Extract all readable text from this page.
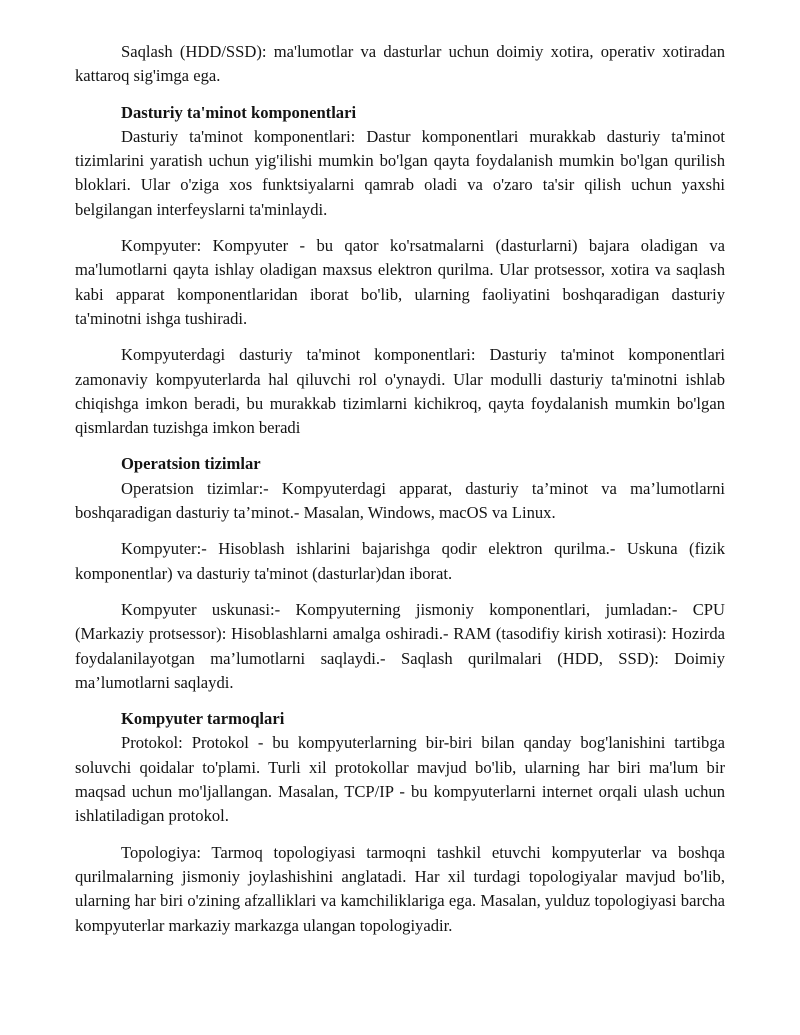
Saqlash (HDD/SSD): ma'lumotlar va dasturlar uchun doimiy xotira, operativ xotiradan kattaroq sig'imga ega.

Dasturiy ta'minot komponentlari

Dasturiy ta'minot komponentlari: Dastur komponentlari murakkab dasturiy ta'minot tizimlarini yaratish uchun yig'ilishi mumkin bo'lgan qayta foydalanish mumkin bo'lgan qurilish bloklari. Ular o'ziga xos funktsiyalarni qamrab oladi va o'zaro ta'sir qilish uchun yaxshi belgilangan interfeyslarni ta'minlaydi.

Kompyuter: Kompyuter - bu qator ko'rsatmalarni (dasturlarni) bajara oladigan va ma'lumotlarni qayta ishlay oladigan maxsus elektron qurilma. Ular protsessor, xotira va saqlash kabi apparat komponentlaridan iborat bo'lib, ularning faoliyatini boshqaradigan dasturiy ta'minotni ishga tushiradi.

Kompyuterdagi dasturiy ta'minot komponentlari: Dasturiy ta'minot komponentlari zamonaviy kompyuterlarda hal qiluvchi rol o'ynaydi. Ular modulli dasturiy ta'minotni ishlab chiqishga imkon beradi, bu murakkab tizimlarni kichikroq, qayta foydalanish mumkin bo'lgan qismlardan tuzishga imkon beradi

Operatsion tizimlar

Operatsion tizimlar:- Kompyuterdagi apparat, dasturiy ta’minot va ma’lumotlarni boshqaradigan dasturiy ta’minot.- Masalan, Windows, macOS va Linux.

Kompyuter:- Hisoblash ishlarini bajarishga qodir elektron qurilma.- Uskuna (fizik komponentlar) va dasturiy ta'minot (dasturlar)dan iborat.

Kompyuter uskunasi:- Kompyuterning jismoniy komponentlari, jumladan:- CPU (Markaziy protsessor): Hisoblashlarni amalga oshiradi.- RAM (tasodifiy kirish xotirasi): Hozirda foydalanilayotgan ma’lumotlarni saqlaydi.- Saqlash qurilmalari (HDD, SSD): Doimiy ma’lumotlarni saqlaydi.

Kompyuter tarmoqlari

Protokol: Protokol - bu kompyuterlarning bir-biri bilan qanday bog'lanishini tartibga soluvchi qoidalar to'plami. Turli xil protokollar mavjud bo'lib, ularning har biri ma'lum bir maqsad uchun mo'ljallangan. Masalan, TCP/IP - bu kompyuterlarni internet orqali ulash uchun ishlatiladigan protokol.

Topologiya: Tarmoq topologiyasi tarmoqni tashkil etuvchi kompyuterlar va boshqa qurilmalarning jismoniy joylashishini anglatadi. Har xil turdagi topologiyalar mavjud bo'lib, ularning har biri o'zining afzalliklari va kamchiliklariga ega. Masalan, yulduz topologiyasi barcha kompyuterlar markaziy markazga ulangan topologiyadir.
